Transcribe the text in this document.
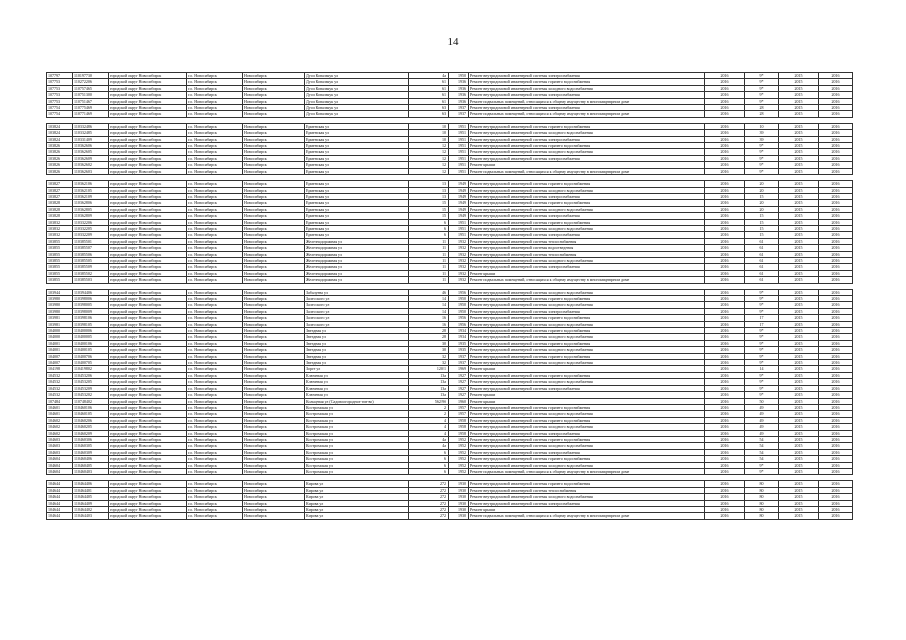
14
107797	110197730	городской округ Новосибирск	г.о. Новосибирск	Новосибирск	Дуси Ковальчук ул	4а	1950	Ремонт внутридомовой инженерной системы электроснабжения	2016	9*	2015	2016
107753	110272206	городской округ Новосибирск	г.о. Новосибирск	Новосибирск	Дуси Ковальчук ул	61	1936	Ремонт внутридомовой инженерной системы горячего водоснабжения	2016	9*	2015	2016
107753	110757465	городской округ Новосибирск	г.о. Новосибирск	Новосибирск	Дуси Ковальчук ул	61	1936	Ремонт внутридомовой инженерной системы холодного водоснабжения	2016	9*	2015	2016
107753	110751300	городской округ Новосибирск	г.о. Новосибирск	Новосибирск	Дуси Ковальчук ул	61	1936	Ремонт внутридомовой инженерной системы электроснабжения	2016	9*	2015	2016
107753	110751467	городской округ Новосибирск	г.о. Новосибирск	Новосибирск	Дуси Ковальчук ул	61	1936	Ремонт подвальных помещений, относящихся к общему имуществу в многоквартирном доме	2016	9*	2015	2016
107754	110775469	городской округ Новосибирск	г.о. Новосибирск	Новосибирск	Дуси Ковальчук ул	63	1937	Ремонт внутридомовой инженерной системы электроснабжения	2016	28	2015	2016
107754	110771469	городской округ Новосибирск	г.о. Новосибирск	Новосибирск	Дуси Ковальчук ул	63	1937	Ремонт подвальных помещений, относящихся к общему имуществу в многоквартирном доме	2016	28	2015	2016

103824	110332486	городской округ Новосибирск	г.о. Новосибирск	Новосибирск	Ерменская ул	10	1951	Ремонт внутридомовой инженерной системы горячего водоснабжения	2016	10	2015	2016
103824	110332485	городской округ Новосибирск	г.о. Новосибирск	Новосибирск	Ерменская ул	10	1951	Ремонт внутридомовой инженерной системы холодного водоснабжения	2016	39	2015	2016
103824	110331409	городской округ Новосибирск	г.о. Новосибирск	Новосибирск	Ерменская ул	10	1951	Ремонт внутридомовой инженерной системы электроснабжения	2016	39	2015	2016
103826	110362606	городской округ Новосибирск	г.о. Новосибирск	Новосибирск	Ерменская ул	12	1951	Ремонт внутридомовой инженерной системы горячего водоснабжения	2016	9*	2015	2016
103826	110362605	городской округ Новосибирск	г.о. Новосибирск	Новосибирск	Ерменская ул	12	1951	Ремонт внутридомовой инженерной системы холодного водоснабжения	2016	9*	2015	2016
103826	110362609	городской округ Новосибирск	г.о. Новосибирск	Новосибирск	Ерменская ул	12	1951	Ремонт внутридомовой инженерной системы электроснабжения	2016	9*	2015	2016
103826	110362602	городской округ Новосибирск	г.о. Новосибирск	Новосибирск	Ерменская ул	12	1951	Ремонт крыши	2016	9*	2015	2016
103826	110362603	городской округ Новосибирск	г.о. Новосибирск	Новосибирск	Ерменская ул	12	1951	Ремонт подвальных помещений, относящихся к общему имуществу в многоквартирном доме	2016	9*	2015	2016

103827	110362106	городской округ Новосибирск	г.о. Новосибирск	Новосибирск	Ерменская ул	13	1949	Ремонт внутридомовой инженерной системы горячего водоснабжения	2016	20	2015	2016
103827	110362105	городской округ Новосибирск	г.о. Новосибирск	Новосибирск	Ерменская ул	13	1949	Ремонт внутридомовой инженерной системы холодного водоснабжения	2016	20	2015	2016
103827	110362109	городской округ Новосибирск	г.о. Новосибирск	Новосибирск	Ерменская ул	13	1949	Ремонт внутридомовой инженерной системы электроснабжения	2016	15	2015	2016
103828	110362806	городской округ Новосибирск	г.о. Новосибирск	Новосибирск	Ерменская ул	15	1949	Ремонт внутридомовой инженерной системы горячего водоснабжения	2016	20	2015	2016
103828	110362805	городской округ Новосибирск	г.о. Новосибирск	Новосибирск	Ерменская ул	15	1949	Ремонт внутридомовой инженерной системы холодного водоснабжения	2016	20	2015	2016
103828	110362809	городской округ Новосибирск	г.о. Новосибирск	Новосибирск	Ерменская ул	15	1949	Ремонт внутридомовой инженерной системы электроснабжения	2016	15	2015	2016
103832	110332206	городской округ Новосибирск	г.о. Новосибирск	Новосибирск	Ерменская ул	6	1951	Ремонт внутридомовой инженерной системы горячего водоснабжения	2016	15	2015	2016
103832	110332205	городской округ Новосибирск	г.о. Новосибирск	Новосибирск	Ерменская ул	6	1951	Ремонт внутридомовой инженерной системы холодного водоснабжения	2016	15	2015	2016
103832	110332209	городской округ Новосибирск	г.о. Новосибирск	Новосибирск	Ерменская ул	6	1951	Ремонт внутридомовой инженерной системы электроснабжения	2016	15	2015	2016
103855	110385501	городской округ Новосибирск	г.о. Новосибирск	Новосибирск	Железнодорожная ул	11	1932	Ремонт внутридомовой инженерной системы теплоснабжения	2016	61	2015	2016
103855	110385507	городской округ Новосибирск	г.о. Новосибирск	Новосибирск	Железнодорожная ул	11	1932	Ремонт внутридомовой инженерной системы водоотведения	2016	61	2015	2016
103855	110385506	городской округ Новосибирск	г.о. Новосибирск	Новосибирск	Железнодорожная ул	11	1932	Ремонт внутридомовой инженерной системы теплоснабжения	2016	61	2015	2016
103855	110385505	городской округ Новосибирск	г.о. Новосибирск	Новосибирск	Железнодорожная ул	11	1932	Ремонт внутридомовой инженерной системы холодного водоснабжения	2016	61	2015	2016
103855	110385509	городской округ Новосибирск	г.о. Новосибирск	Новосибирск	Железнодорожная ул	11	1932	Ремонт внутридомовой инженерной системы электроснабжения	2016	61	2015	2016
103855	110385502	городской округ Новосибирск	г.о. Новосибирск	Новосибирск	Железнодорожная ул	11	1932	Ремонт крыши	2016	61	2015	2016
103855	110385503	городской округ Новосибирск	г.о. Новосибирск	Новосибирск	Железнодорожная ул	11	1932	Ремонт подвальных помещений, относящихся к общему имуществу в многоквартирном доме	2016	61	2015	2016

103944	110394406	городской округ Новосибирск	г.о. Новосибирск	Новосибирск	Забалуева ул	46	1956	Ремонт внутридомовой инженерной системы холодного водоснабжения	2016	9*	2015	2016
103980	110398006	городской округ Новосибирск	г.о. Новосибирск	Новосибирск	Залесского ул	14	1950	Ремонт внутридомовой инженерной системы горячего водоснабжения	2016	9*	2015	2016
103980	110398005	городской округ Новосибирск	г.о. Новосибирск	Новосибирск	Залесского ул	14	1950	Ремонт внутридомовой инженерной системы холодного водоснабжения	2016	9*	2015	2016
103980	110398009	городской округ Новосибирск	г.о. Новосибирск	Новосибирск	Залесского ул	14	1950	Ремонт внутридомовой инженерной системы электроснабжения	2016	9*	2015	2016
103981	110398106	городской округ Новосибирск	г.о. Новосибирск	Новосибирск	Залесского ул	16	1956	Ремонт внутридомовой инженерной системы горячего водоснабжения	2016	17	2015	2016
103981	110398105	городской округ Новосибирск	г.о. Новосибирск	Новосибирск	Залесского ул	16	1956	Ремонт внутридомовой инженерной системы холодного водоснабжения	2016	17	2015	2016
104000	110400006	городской округ Новосибирск	г.о. Новосибирск	Новосибирск	Звездная ул	28	1934	Ремонт внутридомовой инженерной системы горячего водоснабжения	2016	9*	2015	2016
104000	110400005	городской округ Новосибирск	г.о. Новосибирск	Новосибирск	Звездная ул	28	1934	Ремонт внутридомовой инженерной системы холодного водоснабжения	2016	9*	2015	2016
104001	110400106	городской округ Новосибирск	г.о. Новосибирск	Новосибирск	Звездная ул	30	1935	Ремонт внутридомовой инженерной системы горячего водоснабжения	2016	9*	2015	2016
104001	110400105	городской округ Новосибирск	г.о. Новосибирск	Новосибирск	Звездная ул	30	1935	Ремонт внутридомовой инженерной системы холодного водоснабжения	2016	9*	2015	2016
104007	110400706	городской округ Новосибирск	г.о. Новосибирск	Новосибирск	Звездная ул	32	1937	Ремонт внутридомовой инженерной системы горячего водоснабжения	2016	9*	2015	2016
104007	110400705	городской округ Новосибирск	г.о. Новосибирск	Новосибирск	Звездная ул	32	1937	Ремонт внутридомовой инженерной системы холодного водоснабжения	2016	9*	2015	2016
104198	110419802	городской округ Новосибирск	г.о. Новосибирск	Новосибирск	Зорге ул	120/1	1969	Ремонт крыши	2016	14	2015	2016
104532	110453206	городской округ Новосибирск	г.о. Новосибирск	Новосибирск	Ключевая ул	13а	1927	Ремонт внутридомовой инженерной системы горячего водоснабжения	2016	9*	2015	2016
104532	110453205	городской округ Новосибирск	г.о. Новосибирск	Новосибирск	Ключевая ул	13а	1927	Ремонт внутридомовой инженерной системы холодного водоснабжения	2016	9*	2015	2016
104532	110453209	городской округ Новосибирск	г.о. Новосибирск	Новосибирск	Ключевая ул	13а	1927	Ремонт внутридомовой инженерной системы электроснабжения	2016	9*	2015	2016
104532	110453202	городской округ Новосибирск	г.о. Новосибирск	Новосибирск	Ключевая ул	13а	1927	Ремонт крыши	2016	9*	2015	2016
107484	110748402	городской округ Новосибирск	г.о. Новосибирск	Новосибирск	Кольцевая ул (Садовоогородное тов-во)	562/9б	1960	Ремонт крыши	2016	50	2015	2016
104601	110460106	городской округ Новосибирск	г.о. Новосибирск	Новосибирск	Костромская ул	2	1957	Ремонт внутридомовой инженерной системы горячего водоснабжения	2016	49	2015	2016
104601	110460105	городской округ Новосибирск	г.о. Новосибирск	Новосибирск	Костромская ул	2	1957	Ремонт внутридомовой инженерной системы холодного водоснабжения	2016	49	2015	2016
104602	110460206	городской округ Новосибирск	г.о. Новосибирск	Новосибирск	Костромская ул	4	1958	Ремонт внутридомовой инженерной системы горячего водоснабжения	2016	49	2015	2016
104602	110460205	городской округ Новосибирск	г.о. Новосибирск	Новосибирск	Костромская ул	4	1958	Ремонт внутридомовой инженерной системы холодного водоснабжения	2016	49	2015	2016
104602	110460209	городской округ Новосибирск	г.о. Новосибирск	Новосибирск	Костромская ул	4	1958	Ремонт внутридомовой инженерной системы электроснабжения	2016	49	2015	2016
104603	110460306	городской округ Новосибирск	г.о. Новосибирск	Новосибирск	Костромская ул	4а	1952	Ремонт внутридомовой инженерной системы горячего водоснабжения	2016	54	2015	2016
104603	110460305	городской округ Новосибирск	г.о. Новосибирск	Новосибирск	Костромская ул	4а	1952	Ремонт внутридомовой инженерной системы холодного водоснабжения	2016	54	2015	2016
104603	110460309	городской округ Новосибирск	г.о. Новосибирск	Новосибирск	Костромская ул	6	1952	Ремонт внутридомовой инженерной системы электроснабжения	2016	54	2015	2016
104604	110460406	городской округ Новосибирск	г.о. Новосибирск	Новосибирск	Костромская ул	6	1952	Ремонт внутридомовой инженерной системы горячего водоснабжения	2016	54	2015	2016
104604	110460405	городской округ Новосибирск	г.о. Новосибирск	Новосибирск	Костромская ул	6	1952	Ремонт внутридомовой инженерной системы холодного водоснабжения	2016	9*	2015	2016
104604	110460403	городской округ Новосибирск	г.о. Новосибирск	Новосибирск	Костромская ул	6	1952	Ремонт подвальных помещений, относящихся к общему имуществу в многоквартирном доме	2016	9*	2015	2016

104644	110464406	городской округ Новосибирск	г.о. Новосибирск	Новосибирск	Кирова ул	272	1930	Ремонт внутридомовой инженерной системы горячего водоснабжения	2016	80	2015	2016
104644	110464401	городской округ Новосибирск	г.о. Новосибирск	Новосибирск	Кирова ул	272	1930	Ремонт внутридомовой инженерной системы теплоснабжения	2016	80	2015	2016
104644	110464405	городской округ Новосибирск	г.о. Новосибирск	Новосибирск	Кирова ул	272	1930	Ремонт внутридомовой инженерной системы холодного водоснабжения	2016	80	2015	2016
104644	110464409	городской округ Новосибирск	г.о. Новосибирск	Новосибирск	Кирова ул	272	1930	Ремонт внутридомовой инженерной системы электроснабжения	2016	80	2015	2016
104644	110464402	городской округ Новосибирск	г.о. Новосибирск	Новосибирск	Кирова ул	272	1930	Ремонт крыши	2016	80	2015	2016
104644	110464403	городской округ Новосибирск	г.о. Новосибирск	Новосибирск	Кирова ул	272	1930	Ремонт подвальных помещений, относящихся к общему имуществу в многоквартирном доме	2016	80	2015	2016
